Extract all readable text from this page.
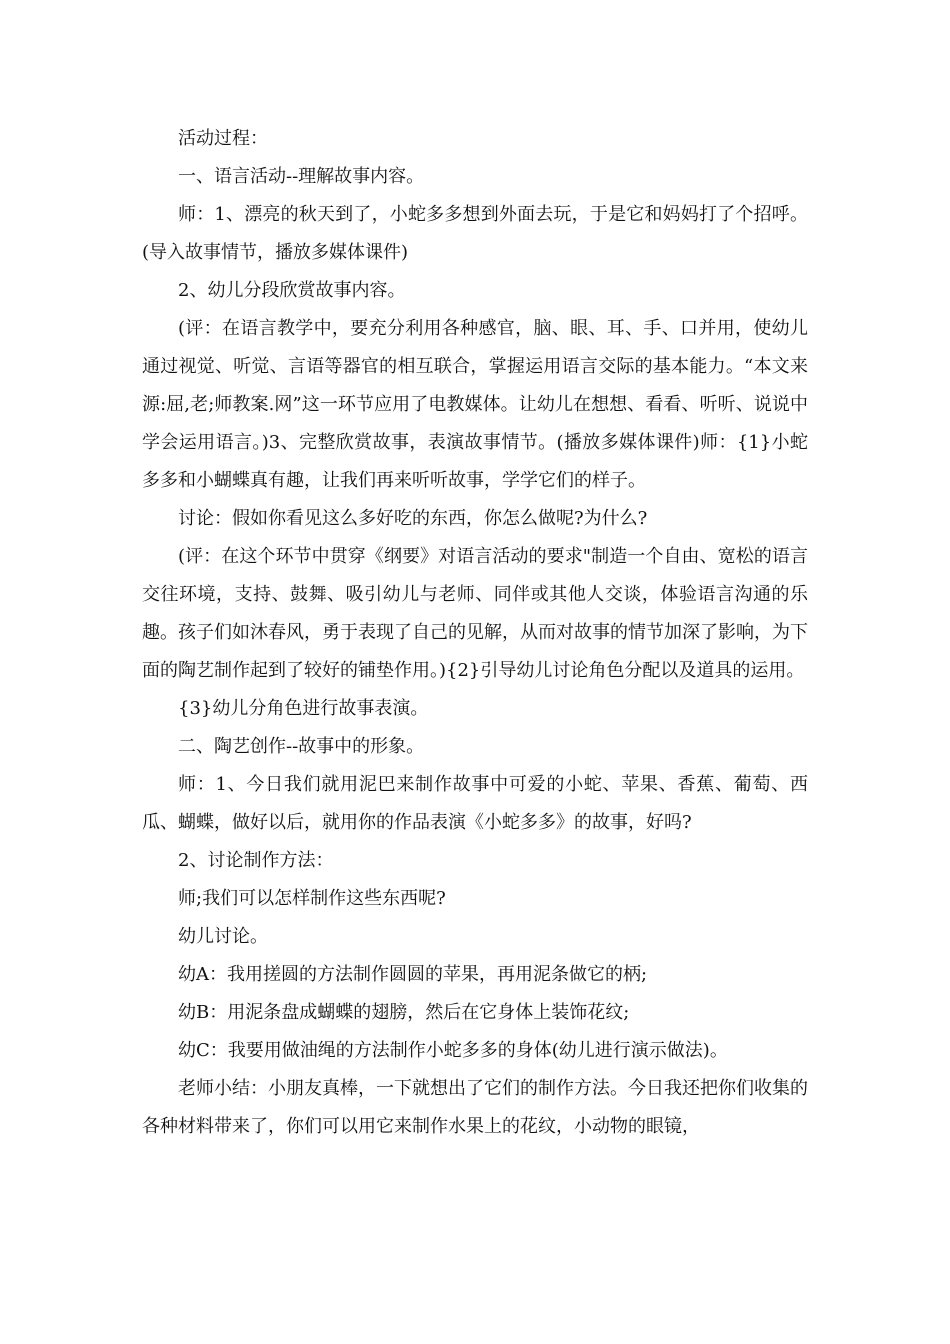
活动过程：

一、语言活动--理解故事内容。

师：1、漂亮的秋天到了，小蛇多多想到外面去玩，于是它和妈妈打了个招呼。(导入故事情节，播放多媒体课件)

2、幼儿分段欣赏故事内容。

(评：在语言教学中，要充分利用各种感官，脑、眼、耳、手、口并用，使幼儿通过视觉、听觉、言语等器官的相互联合，掌握运用语言交际的基本能力。“本文来源:屈,老;师教案.网”这一环节应用了电教媒体。让幼儿在想想、看看、听听、说说中学会运用语言。)3、完整欣赏故事，表演故事情节。(播放多媒体课件)师：{1}小蛇多多和小蝴蝶真有趣，让我们再来听听故事，学学它们的样子。

讨论：假如你看见这么多好吃的东西，你怎么做呢?为什么?

(评：在这个环节中贯穿《纲要》对语言活动的要求"制造一个自由、宽松的语言交往环境，支持、鼓舞、吸引幼儿与老师、同伴或其他人交谈，体验语言沟通的乐趣。孩子们如沐春风，勇于表现了自己的见解，从而对故事的情节加深了影响，为下面的陶艺制作起到了较好的铺垫作用。){2}引导幼儿讨论角色分配以及道具的运用。

{3}幼儿分角色进行故事表演。

二、陶艺创作--故事中的形象。

师：1、今日我们就用泥巴来制作故事中可爱的小蛇、苹果、香蕉、葡萄、西瓜、蝴蝶，做好以后，就用你的作品表演《小蛇多多》的故事，好吗?

2、讨论制作方法：

师;我们可以怎样制作这些东西呢?

幼儿讨论。

幼A：我用搓圆的方法制作圆圆的苹果，再用泥条做它的柄;

幼B：用泥条盘成蝴蝶的翅膀，然后在它身体上装饰花纹;

幼C：我要用做油绳的方法制作小蛇多多的身体(幼儿进行演示做法)。

老师小结：小朋友真棒，一下就想出了它们的制作方法。今日我还把你们收集的各种材料带来了，你们可以用它来制作水果上的花纹，小动物的眼镜，
